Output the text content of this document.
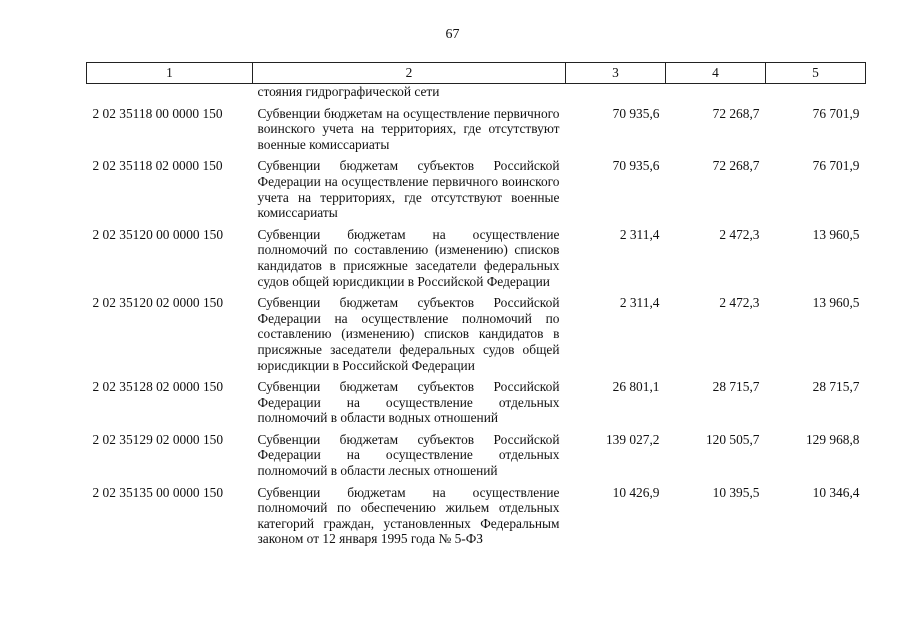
67
1	2	3	4	5
	стояния гидрографической сети			
2 02 35118 00 0000 150	Субвенции бюджетам на осуществление первичного воинского учета на территориях, где отсутствуют военные комиссариаты	70 935,6	72 268,7	76 701,9
2 02 35118 02 0000 150	Субвенции бюджетам субъектов Российской Федерации на осуществление первичного воинского учета на территориях, где отсутствуют военные комиссариаты	70 935,6	72 268,7	76 701,9
2 02 35120 00 0000 150	Субвенции бюджетам на осуществление полномочий по составлению (изменению) списков кандидатов в присяжные заседатели федеральных судов общей юрисдикции в Российской Федерации	2 311,4	2 472,3	13 960,5
2 02 35120 02 0000 150	Субвенции бюджетам субъектов Российской Федерации на осуществление полномочий по составлению (изменению) списков кандидатов в присяжные заседатели федеральных судов общей юрисдикции в Российской Федерации	2 311,4	2 472,3	13 960,5
2 02 35128 02 0000 150	Субвенции бюджетам субъектов Российской Федерации на осуществление отдельных полномочий в области водных отношений	26 801,1	28 715,7	28 715,7
2 02 35129 02 0000 150	Субвенции бюджетам субъектов Российской Федерации на осуществление отдельных полномочий в области лесных отношений	139 027,2	120 505,7	129 968,8
2 02 35135 00 0000 150	Субвенции бюджетам на осуществление полномочий по обеспечению жильем отдельных категорий граждан, установленных Федеральным законом от 12 января 1995 года № 5-ФЗ	10 426,9	10 395,5	10 346,4
